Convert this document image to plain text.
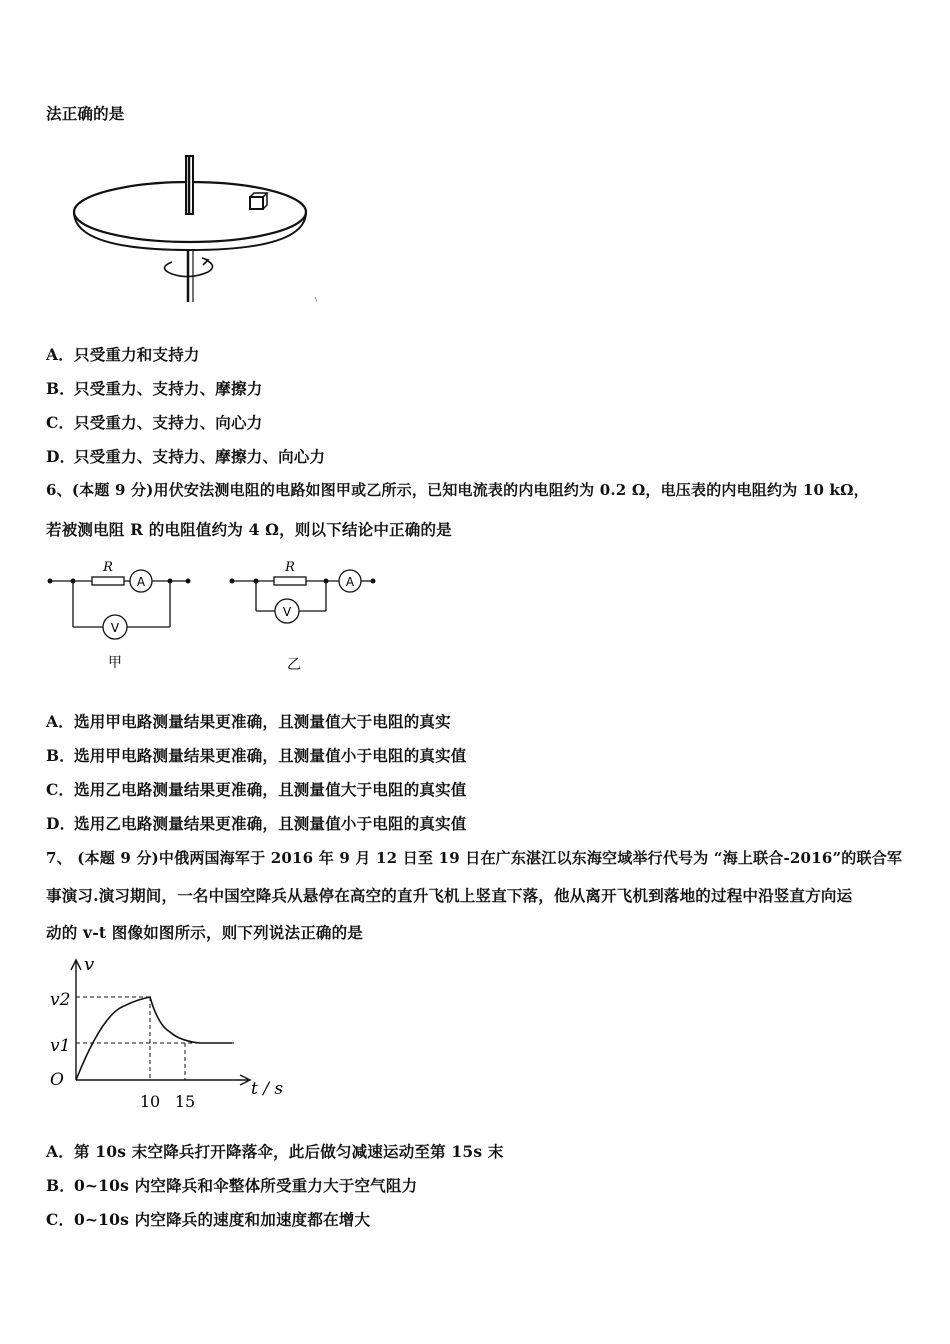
法正确的是
A．只受重力和支持力
B．只受重力、支持力、摩擦力
C．只受重力、支持力、向心力
D．只受重力、支持力、摩擦力、向心力
6、(本题 9 分)用伏安法测电阻的电路如图甲或乙所示，已知电流表的内电阻约为 0.2 Ω，电压表的内电阻约为 10 kΩ，
若被测电阻 R 的电阻值约为 4 Ω，则以下结论中正确的是
R
A
V
甲
R
A
V
乙
A．选用甲电路测量结果更准确，且测量值大于电阻的真实
B．选用甲电路测量结果更准确，且测量值小于电阻的真实值
C．选用乙电路测量结果更准确，且测量值大于电阻的真实值
D．选用乙电路测量结果更准确，且测量值小于电阻的真实值
7、 (本题 9 分)中俄两国海军于 2016 年 9 月 12 日至 19 日在广东湛江以东海空域举行代号为 “海上联合-2016”的联合军
事演习.演习期间，一名中国空降兵从悬停在高空的直升飞机上竖直下落，他从离开飞机到落地的过程中沿竖直方向运
动的 v-t 图像如图所示，则下列说法正确的是
v
v2
v1
O	t / s
10 15
A．第 10s 末空降兵打开降落伞，此后做匀减速运动至第 15s 末
B．0~10s 内空降兵和伞整体所受重力大于空气阻力
C．0~10s 内空降兵的速度和加速度都在增大
